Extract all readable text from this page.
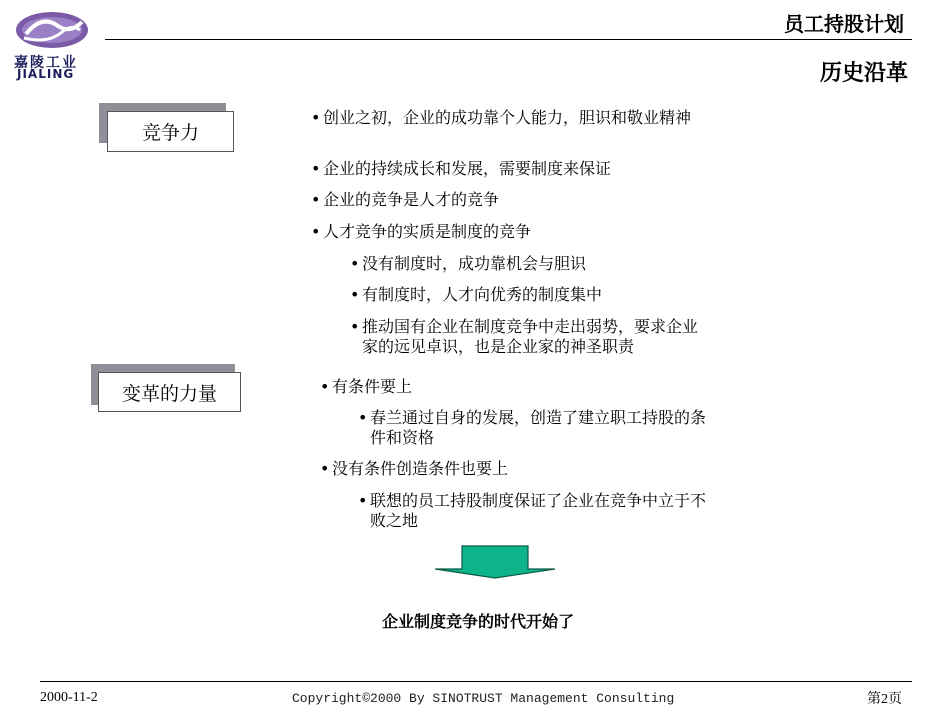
嘉陵工业
JIALING
员工持股计划
历史沿革
竞争力
变革的力量
• 创业之初，企业的成功靠个人能力，胆识和敬业精神
• 企业的持续成长和发展，需要制度来保证
• 企业的竞争是人才的竞争
• 人才竞争的实质是制度的竞争
• 没有制度时，成功靠机会与胆识
• 有制度时，人才向优秀的制度集中
• 推动国有企业在制度竞争中走出弱势，要求企业家的远见卓识，也是企业家的神圣职责
• 有条件要上
• 春兰通过自身的发展，创造了建立职工持股的条件和资格
• 没有条件创造条件也要上
• 联想的员工持股制度保证了企业在竞争中立于不败之地
企业制度竞争的时代开始了
2000-11-2	Copyright©2000 By SINOTRUST Management Consulting	第2页
